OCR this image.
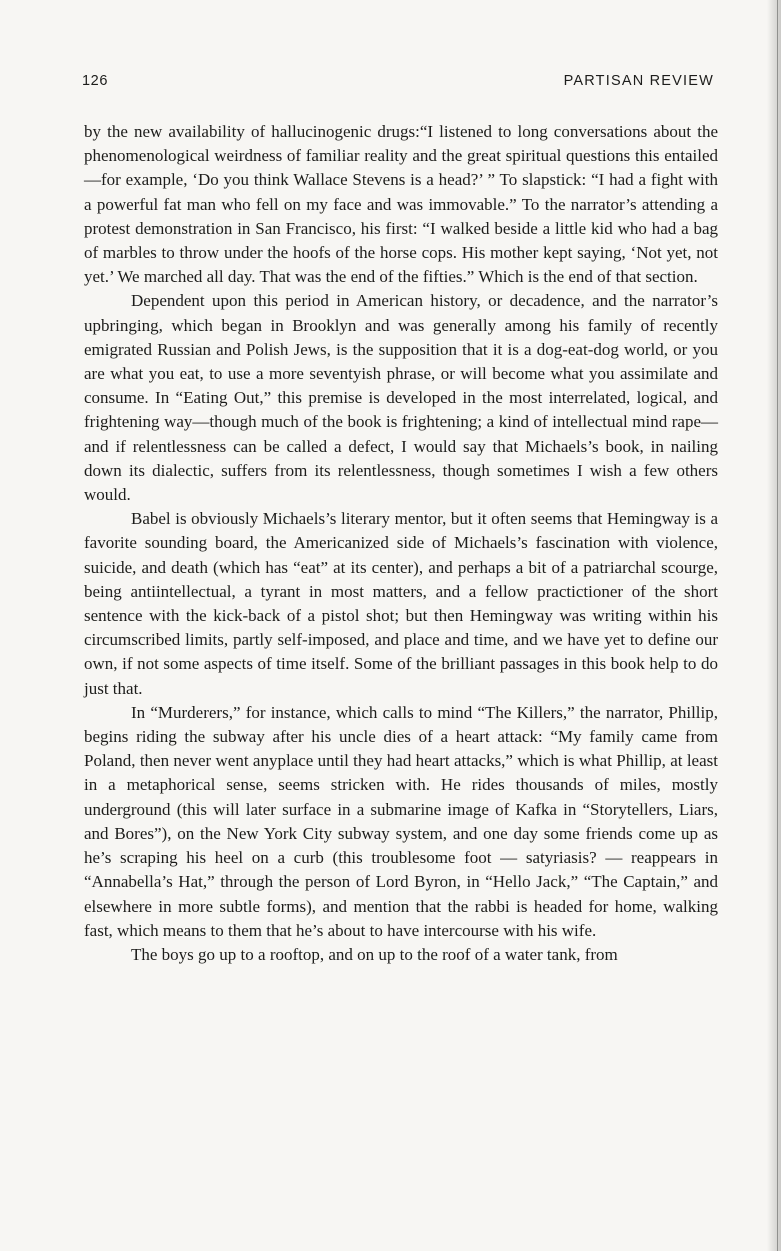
126	PARTISAN REVIEW

by the new availability of hallucinogenic drugs:“I listened to long conversations about the phenomenological weirdness of familiar reality and the great spiritual questions this entailed—for example, ‘Do you think Wallace Stevens is a head?’ ” To slapstick: “I had a fight with a powerful fat man who fell on my face and was immovable.” To the narrator’s attending a protest demonstration in San Francisco, his first: “I walked beside a little kid who had a bag of marbles to throw under the hoofs of the horse cops. His mother kept saying, ‘Not yet, not yet.’ We marched all day. That was the end of the fifties.” Which is the end of that section.

Dependent upon this period in American history, or decadence, and the narrator’s upbringing, which began in Brooklyn and was generally among his family of recently emigrated Russian and Polish Jews, is the supposition that it is a dog-eat-dog world, or you are what you eat, to use a more seventyish phrase, or will become what you assimilate and consume. In “Eating Out,” this premise is developed in the most interrelated, logical, and frightening way—though much of the book is frightening; a kind of intellectual mind rape—and if relentlessness can be called a defect, I would say that Michaels’s book, in nailing down its dialectic, suffers from its relentlessness, though sometimes I wish a few others would.

Babel is obviously Michaels’s literary mentor, but it often seems that Hemingway is a favorite sounding board, the Americanized side of Michaels’s fascination with violence, suicide, and death (which has “eat” at its center), and perhaps a bit of a patriarchal scourge, being antiintellectual, a tyrant in most matters, and a fellow practictioner of the short sentence with the kick-back of a pistol shot; but then Hemingway was writing within his circumscribed limits, partly self-imposed, and place and time, and we have yet to define our own, if not some aspects of time itself. Some of the brilliant passages in this book help to do just that.

In “Murderers,” for instance, which calls to mind “The Killers,” the narrator, Phillip, begins riding the subway after his uncle dies of a heart attack: “My family came from Poland, then never went anyplace until they had heart attacks,” which is what Phillip, at least in a metaphorical sense, seems stricken with. He rides thousands of miles, mostly underground (this will later surface in a submarine image of Kafka in “Storytellers, Liars, and Bores”), on the New York City subway system, and one day some friends come up as he’s scraping his heel on a curb (this troublesome foot — satyriasis? — reappears in “Annabella’s Hat,” through the person of Lord Byron, in “Hello Jack,” “The Captain,” and elsewhere in more subtle forms), and mention that the rabbi is headed for home, walking fast, which means to them that he’s about to have intercourse with his wife.

The boys go up to a rooftop, and on up to the roof of a water tank, from
